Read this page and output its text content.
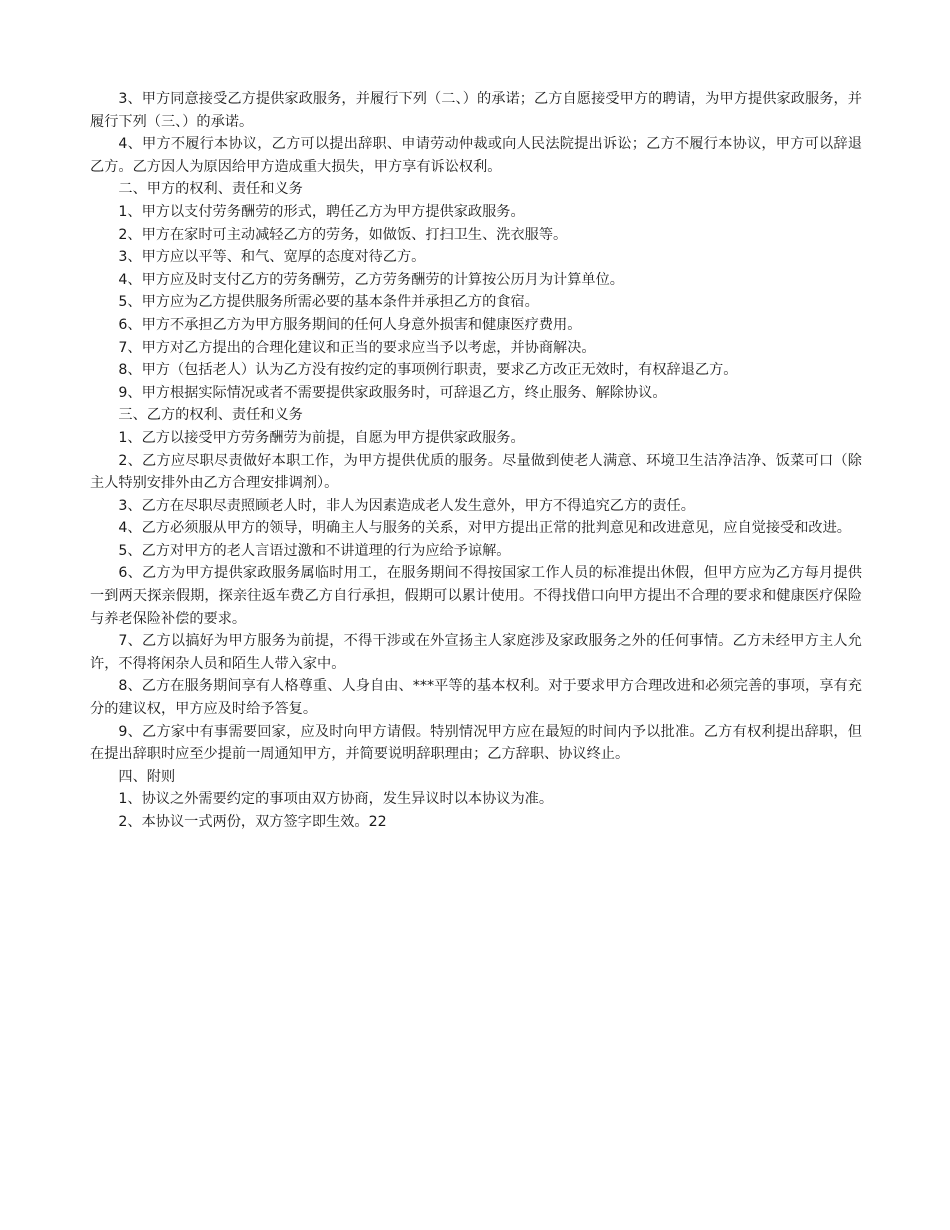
3、甲方同意接受乙方提供家政服务，并履行下列（二、）的承诺；乙方自愿接受甲方的聘请，为甲方提供家政服务，并履行下列（三、）的承诺。

4、甲方不履行本协议，乙方可以提出辞职、申请劳动仲裁或向人民法院提出诉讼；乙方不履行本协议，甲方可以辞退乙方。乙方因人为原因给甲方造成重大损失，甲方享有诉讼权利。

二、甲方的权利、责任和义务

1、甲方以支付劳务酬劳的形式，聘任乙方为甲方提供家政服务。

2、甲方在家时可主动减轻乙方的劳务，如做饭、打扫卫生、洗衣服等。

3、甲方应以平等、和气、宽厚的态度对待乙方。

4、甲方应及时支付乙方的劳务酬劳，乙方劳务酬劳的计算按公历月为计算单位。

5、甲方应为乙方提供服务所需必要的基本条件并承担乙方的食宿。

6、甲方不承担乙方为甲方服务期间的任何人身意外损害和健康医疗费用。

7、甲方对乙方提出的合理化建议和正当的要求应当予以考虑，并协商解决。

8、甲方（包括老人）认为乙方没有按约定的事项例行职责，要求乙方改正无效时，有权辞退乙方。

9、甲方根据实际情况或者不需要提供家政服务时，可辞退乙方，终止服务、解除协议。

三、乙方的权利、责任和义务

1、乙方以接受甲方劳务酬劳为前提，自愿为甲方提供家政服务。

2、乙方应尽职尽责做好本职工作，为甲方提供优质的服务。尽量做到使老人满意、环境卫生洁净洁净、饭菜可口（除主人特别安排外由乙方合理安排调剂）。

3、乙方在尽职尽责照顾老人时，非人为因素造成老人发生意外，甲方不得追究乙方的责任。

4、乙方必须服从甲方的领导，明确主人与服务的关系，对甲方提出正常的批判意见和改进意见，应自觉接受和改进。

5、乙方对甲方的老人言语过激和不讲道理的行为应给予谅解。

6、乙方为甲方提供家政服务属临时用工，在服务期间不得按国家工作人员的标准提出休假，但甲方应为乙方每月提供一到两天探亲假期，探亲往返车费乙方自行承担，假期可以累计使用。不得找借口向甲方提出不合理的要求和健康医疗保险与养老保险补偿的要求。

7、乙方以搞好为甲方服务为前提，不得干涉或在外宣扬主人家庭涉及家政服务之外的任何事情。乙方未经甲方主人允许，不得将闲杂人员和陌生人带入家中。

8、乙方在服务期间享有人格尊重、人身自由、***平等的基本权利。对于要求甲方合理改进和必须完善的事项，享有充分的建议权，甲方应及时给予答复。

9、乙方家中有事需要回家，应及时向甲方请假。特别情况甲方应在最短的时间内予以批准。乙方有权利提出辞职，但在提出辞职时应至少提前一周通知甲方，并简要说明辞职理由；乙方辞职、协议终止。

四、附则

1、协议之外需要约定的事项由双方协商，发生异议时以本协议为准。

2、本协议一式两份，双方签字即生效。22
